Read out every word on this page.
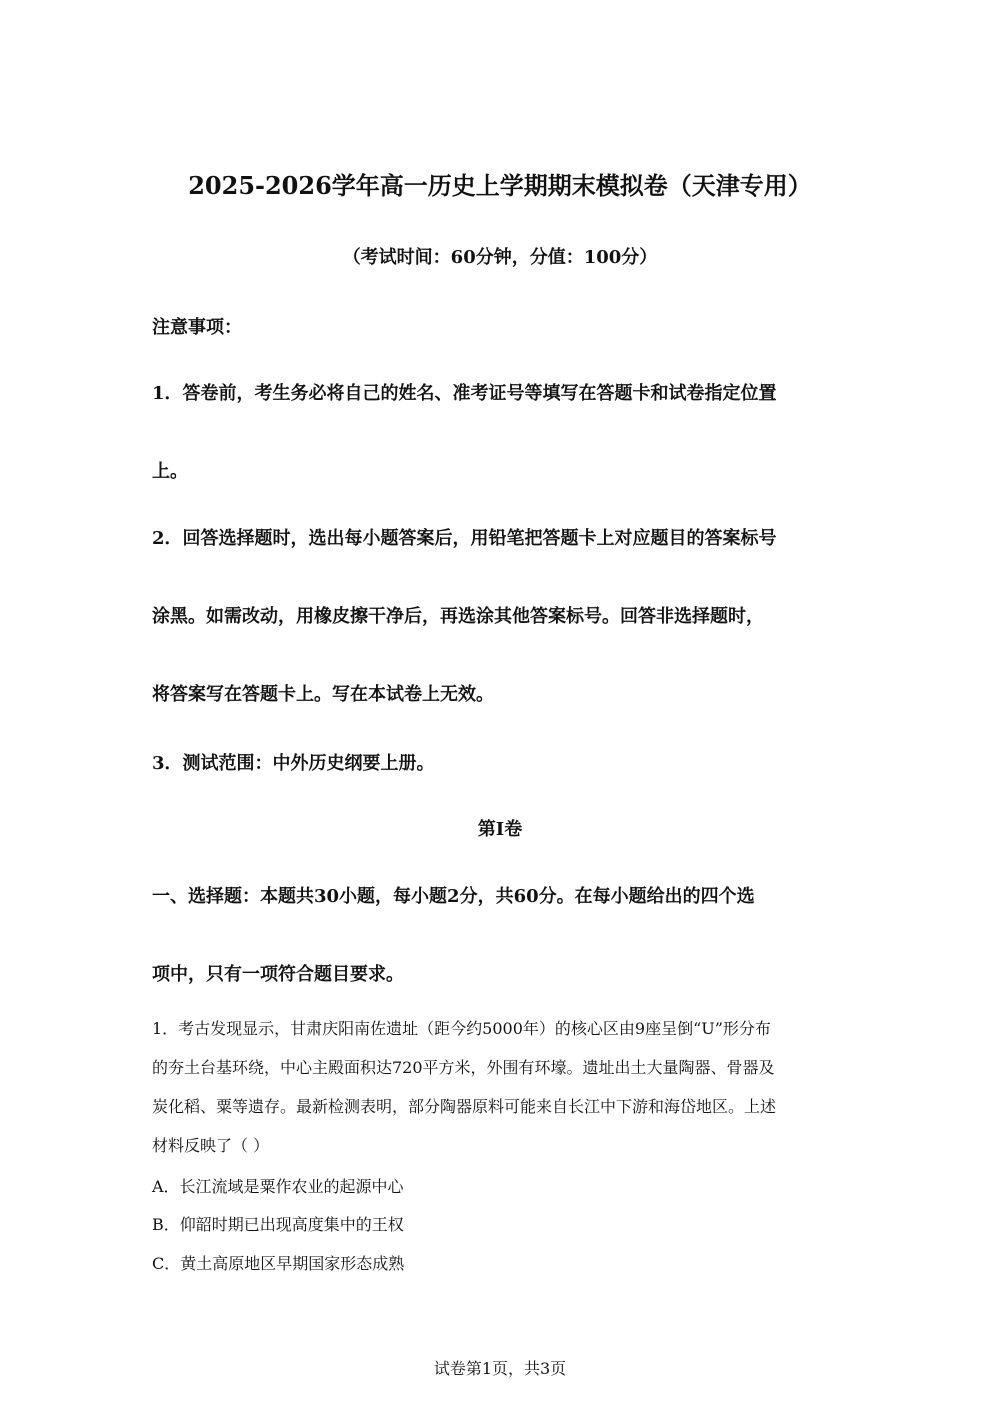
2025-2026学年高一历史上学期期末模拟卷（天津专用）
（考试时间：60分钟，分值：100分）
注意事项：
1．答卷前，考生务必将自己的姓名、准考证号等填写在答题卡和试卷指定位置
上。
2．回答选择题时，选出每小题答案后，用铅笔把答题卡上对应题目的答案标号
涂黑。如需改动，用橡皮擦干净后，再选涂其他答案标号。回答非选择题时，
将答案写在答题卡上。写在本试卷上无效。
3．测试范围：中外历史纲要上册。
第Ⅰ卷
一、选择题：本题共30小题，每小题2分，共60分。在每小题给出的四个选
项中，只有一项符合题目要求。
1．考古发现显示，甘肃庆阳南佐遗址（距今约5000年）的核心区由9座呈倒“U”形分布
的夯土台基环绕，中心主殿面积达720平方米，外围有环壕。遗址出土大量陶器、骨器及
炭化稻、粟等遗存。最新检测表明，部分陶器原料可能来自长江中下游和海岱地区。上述
材料反映了（ ）
A．长江流域是粟作农业的起源中心
B．仰韶时期已出现高度集中的王权
C．黄土高原地区早期国家形态成熟
试卷第1页，共3页
